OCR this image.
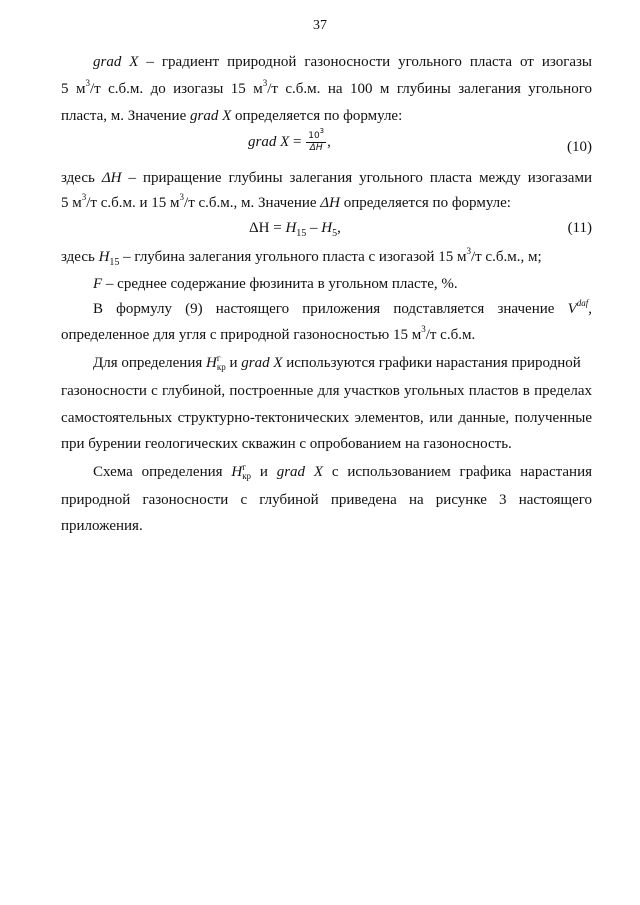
37
grad X – градиент природной газоносности угольного пласта от изогазы
5 $м^3/т$ с.б.м. до изогазы 15 $м^3/т$ с.б.м. на 100 м глубины залегания угольного
пласта, м. Значение grad X определяется по формуле:
grad $X = \frac{10^3}{\Delta H}$ ,	(10)
здесь ΔH – приращение глубины залегания угольного пласта между изогазами
5 $м^3/т$ с.б.м. и 15 $м^3/т$ с.б.м., м. Значение ΔH определяется по формуле:
$\Delta H = H_{15} - H_5$,	(11)
здесь $H_{15}$ – глубина залегания угольного пласта с изогазой 15 $м^3/т$ с.б.м., м;
F – среднее содержание фюзинита в угольном пласте, %.
В формулу (9) настоящего приложения подставляется значение $V^{daf}$,
определенное для угля с природной газоносностью 15 $м^3/т$ с.б.м.
Для определения H г
кр и grad X используются графики нарастания природной
газоносности с глубиной, построенные для участков угольных пластов в пределах
самостоятельных структурно-тектонических элементов, или данные, полученные
при бурении геологических скважин с опробованием на газоносность.
Схема определения H г
кр и grad X с использованием графика нарастания
природной газоносности с глубиной приведена на рисунке 3 настоящего
приложения.
